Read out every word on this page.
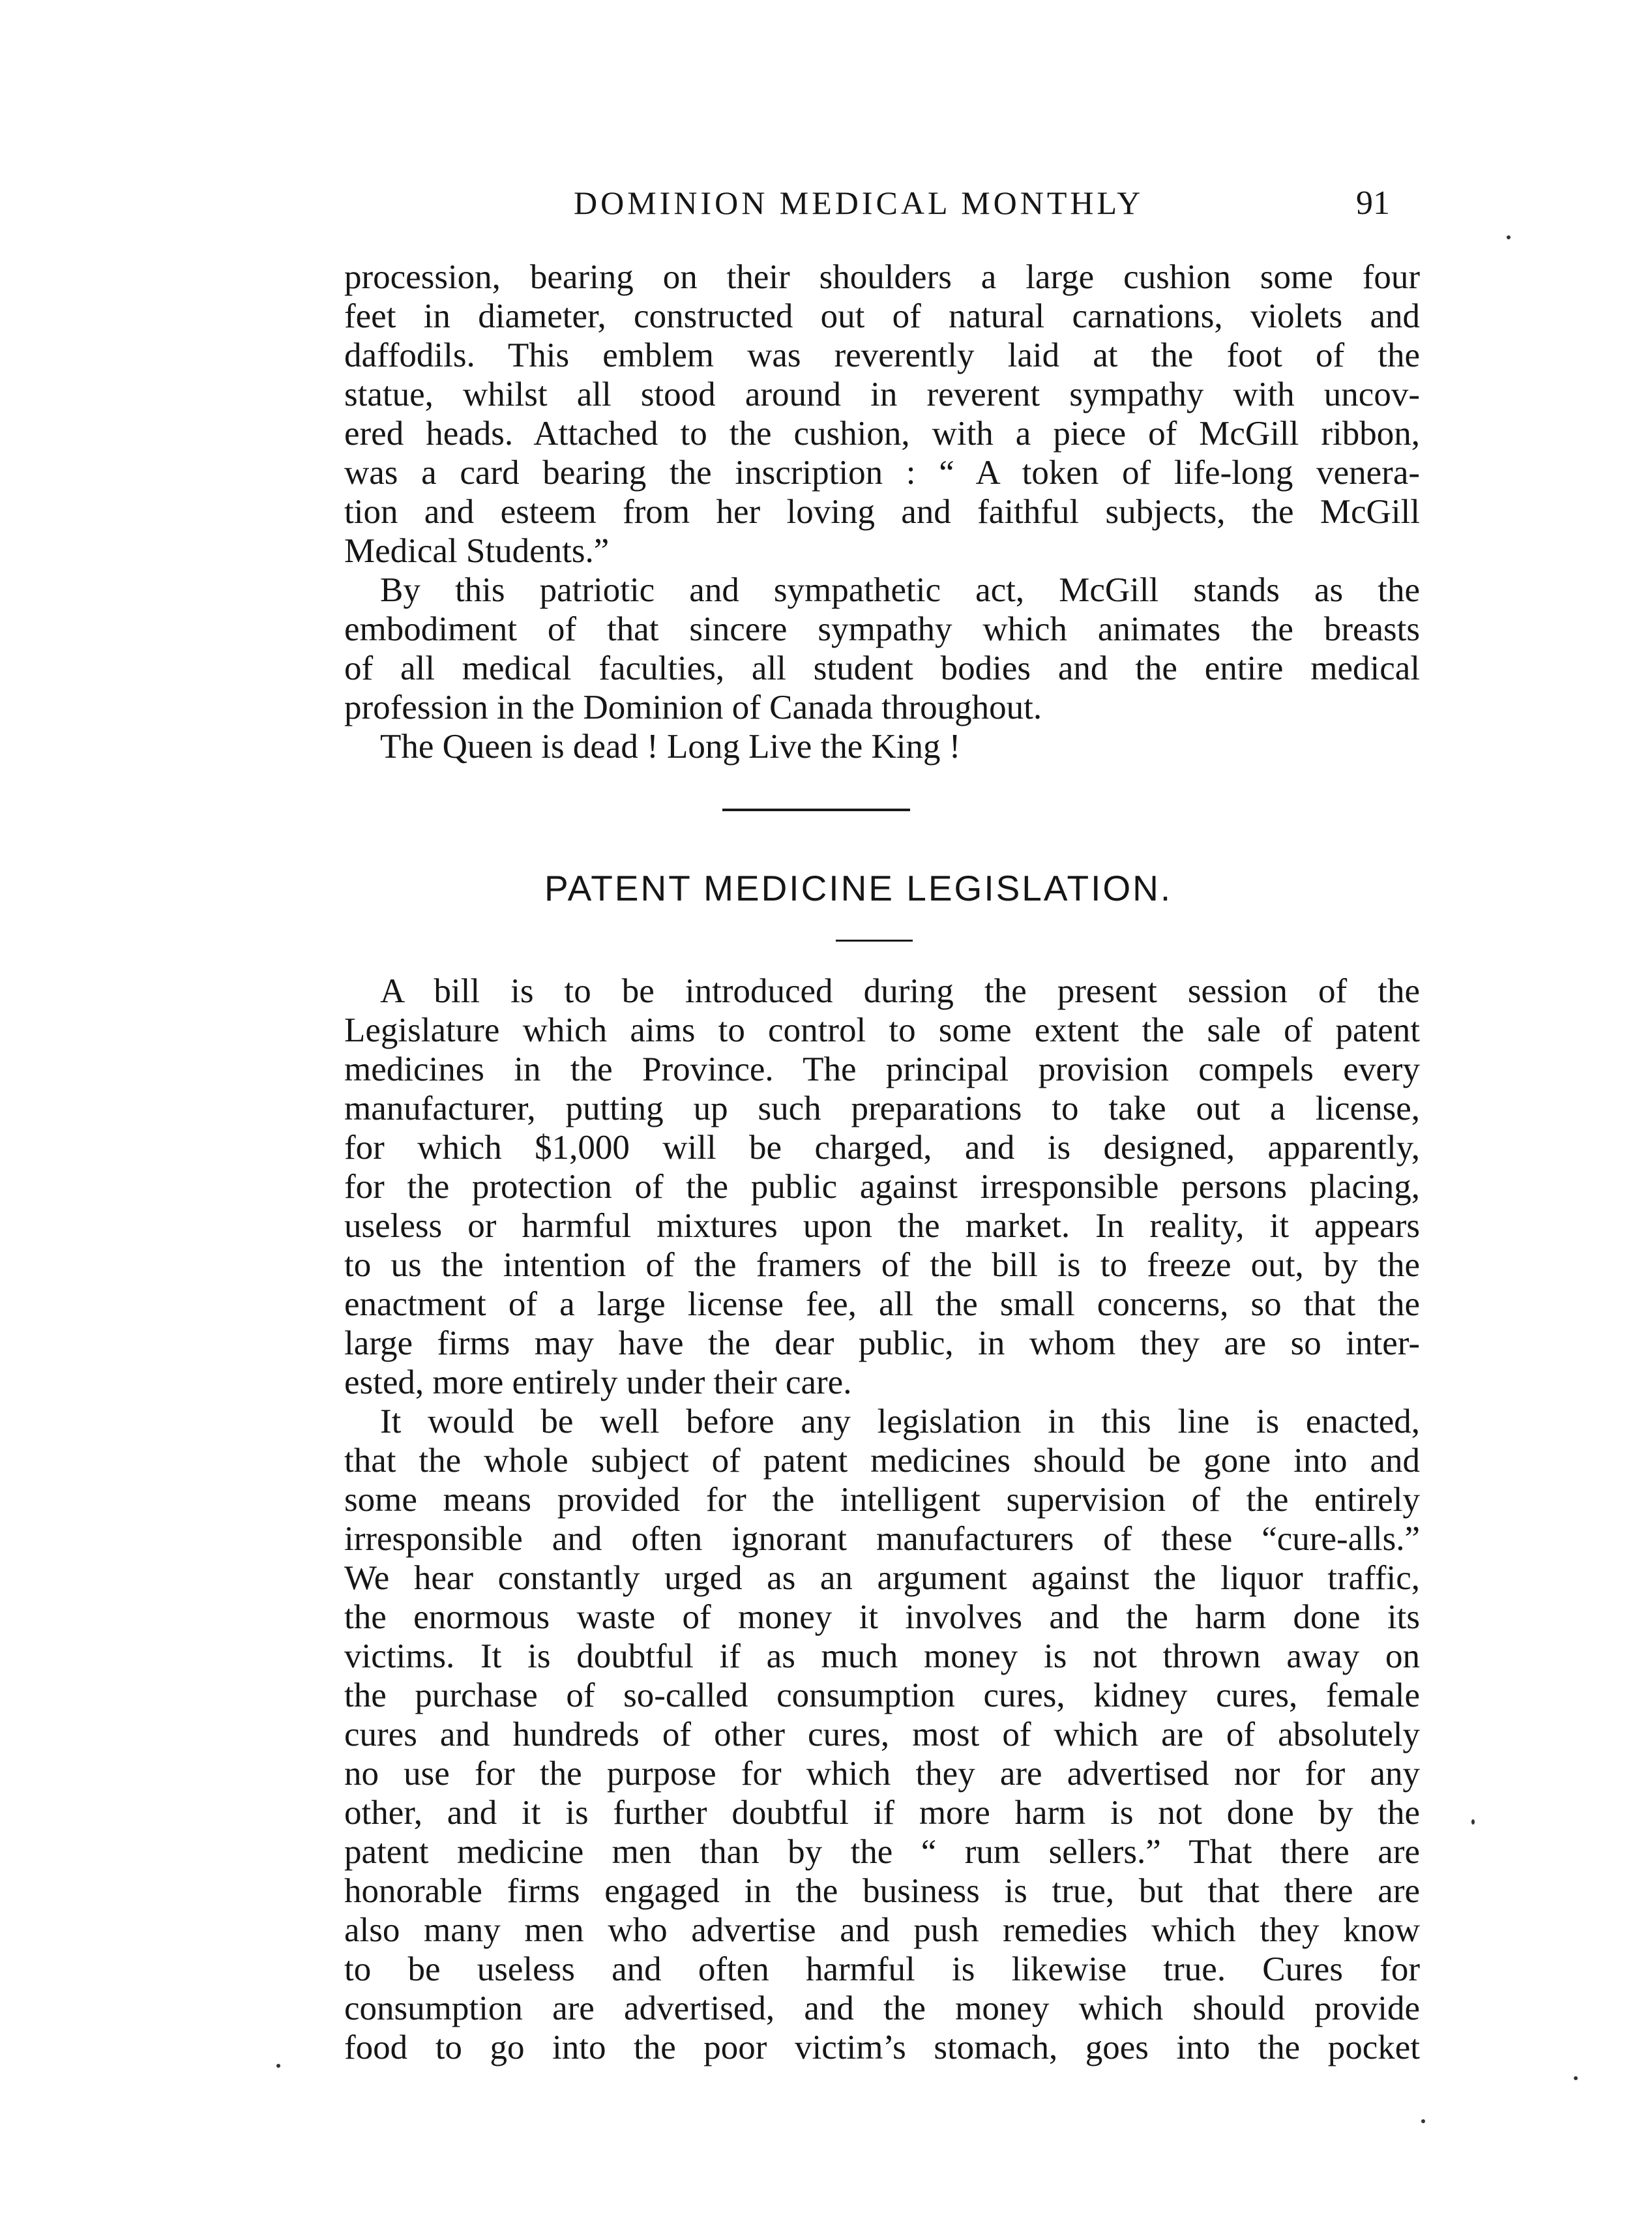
DOMINION MEDICAL MONTHLY	91
procession, bearing on their shoulders a large cushion some four
feet in diameter, constructed out of natural carnations, violets and
daffodils. This emblem was reverently laid at the foot of the
statue, whilst all stood around in reverent sympathy with uncov-
ered heads. Attached to the cushion, with a piece of McGill ribbon,
was a card bearing the inscription : “ A token of life-long venera-
tion and esteem from her loving and faithful subjects, the McGill
Medical Students.”
By this patriotic and sympathetic act, McGill stands as the
embodiment of that sincere sympathy which animates the breasts
of all medical faculties, all student bodies and the entire medical
profession in the Dominion of Canada throughout.
The Queen is dead ! Long Live the King !
PATENT MEDICINE LEGISLATION.
A bill is to be introduced during the present session of the
Legislature which aims to control to some extent the sale of patent
medicines in the Province. The principal provision compels every
manufacturer, putting up such preparations to take out a license,
for which $1,000 will be charged, and is designed, apparently,
for the protection of the public against irresponsible persons placing,
useless or harmful mixtures upon the market. In reality, it appears
to us the intention of the framers of the bill is to freeze out, by the
enactment of a large license fee, all the small concerns, so that the
large firms may have the dear public, in whom they are so inter-
ested, more entirely under their care.
It would be well before any legislation in this line is enacted,
that the whole subject of patent medicines should be gone into and
some means provided for the intelligent supervision of the entirely
irresponsible and often ignorant manufacturers of these “cure-alls.”
We hear constantly urged as an argument against the liquor traffic,
the enormous waste of money it involves and the harm done its
victims. It is doubtful if as much money is not thrown away on
the purchase of so-called consumption cures, kidney cures, female
cures and hundreds of other cures, most of which are of absolutely
no use for the purpose for which they are advertised nor for any
other, and it is further doubtful if more harm is not done by the
patent medicine men than by the “ rum sellers.” That there are
honorable firms engaged in the business is true, but that there are
also many men who advertise and push remedies which they know
to be useless and often harmful is likewise true. Cures for
consumption are advertised, and the money which should provide
food to go into the poor victim’s stomach, goes into the pocket
